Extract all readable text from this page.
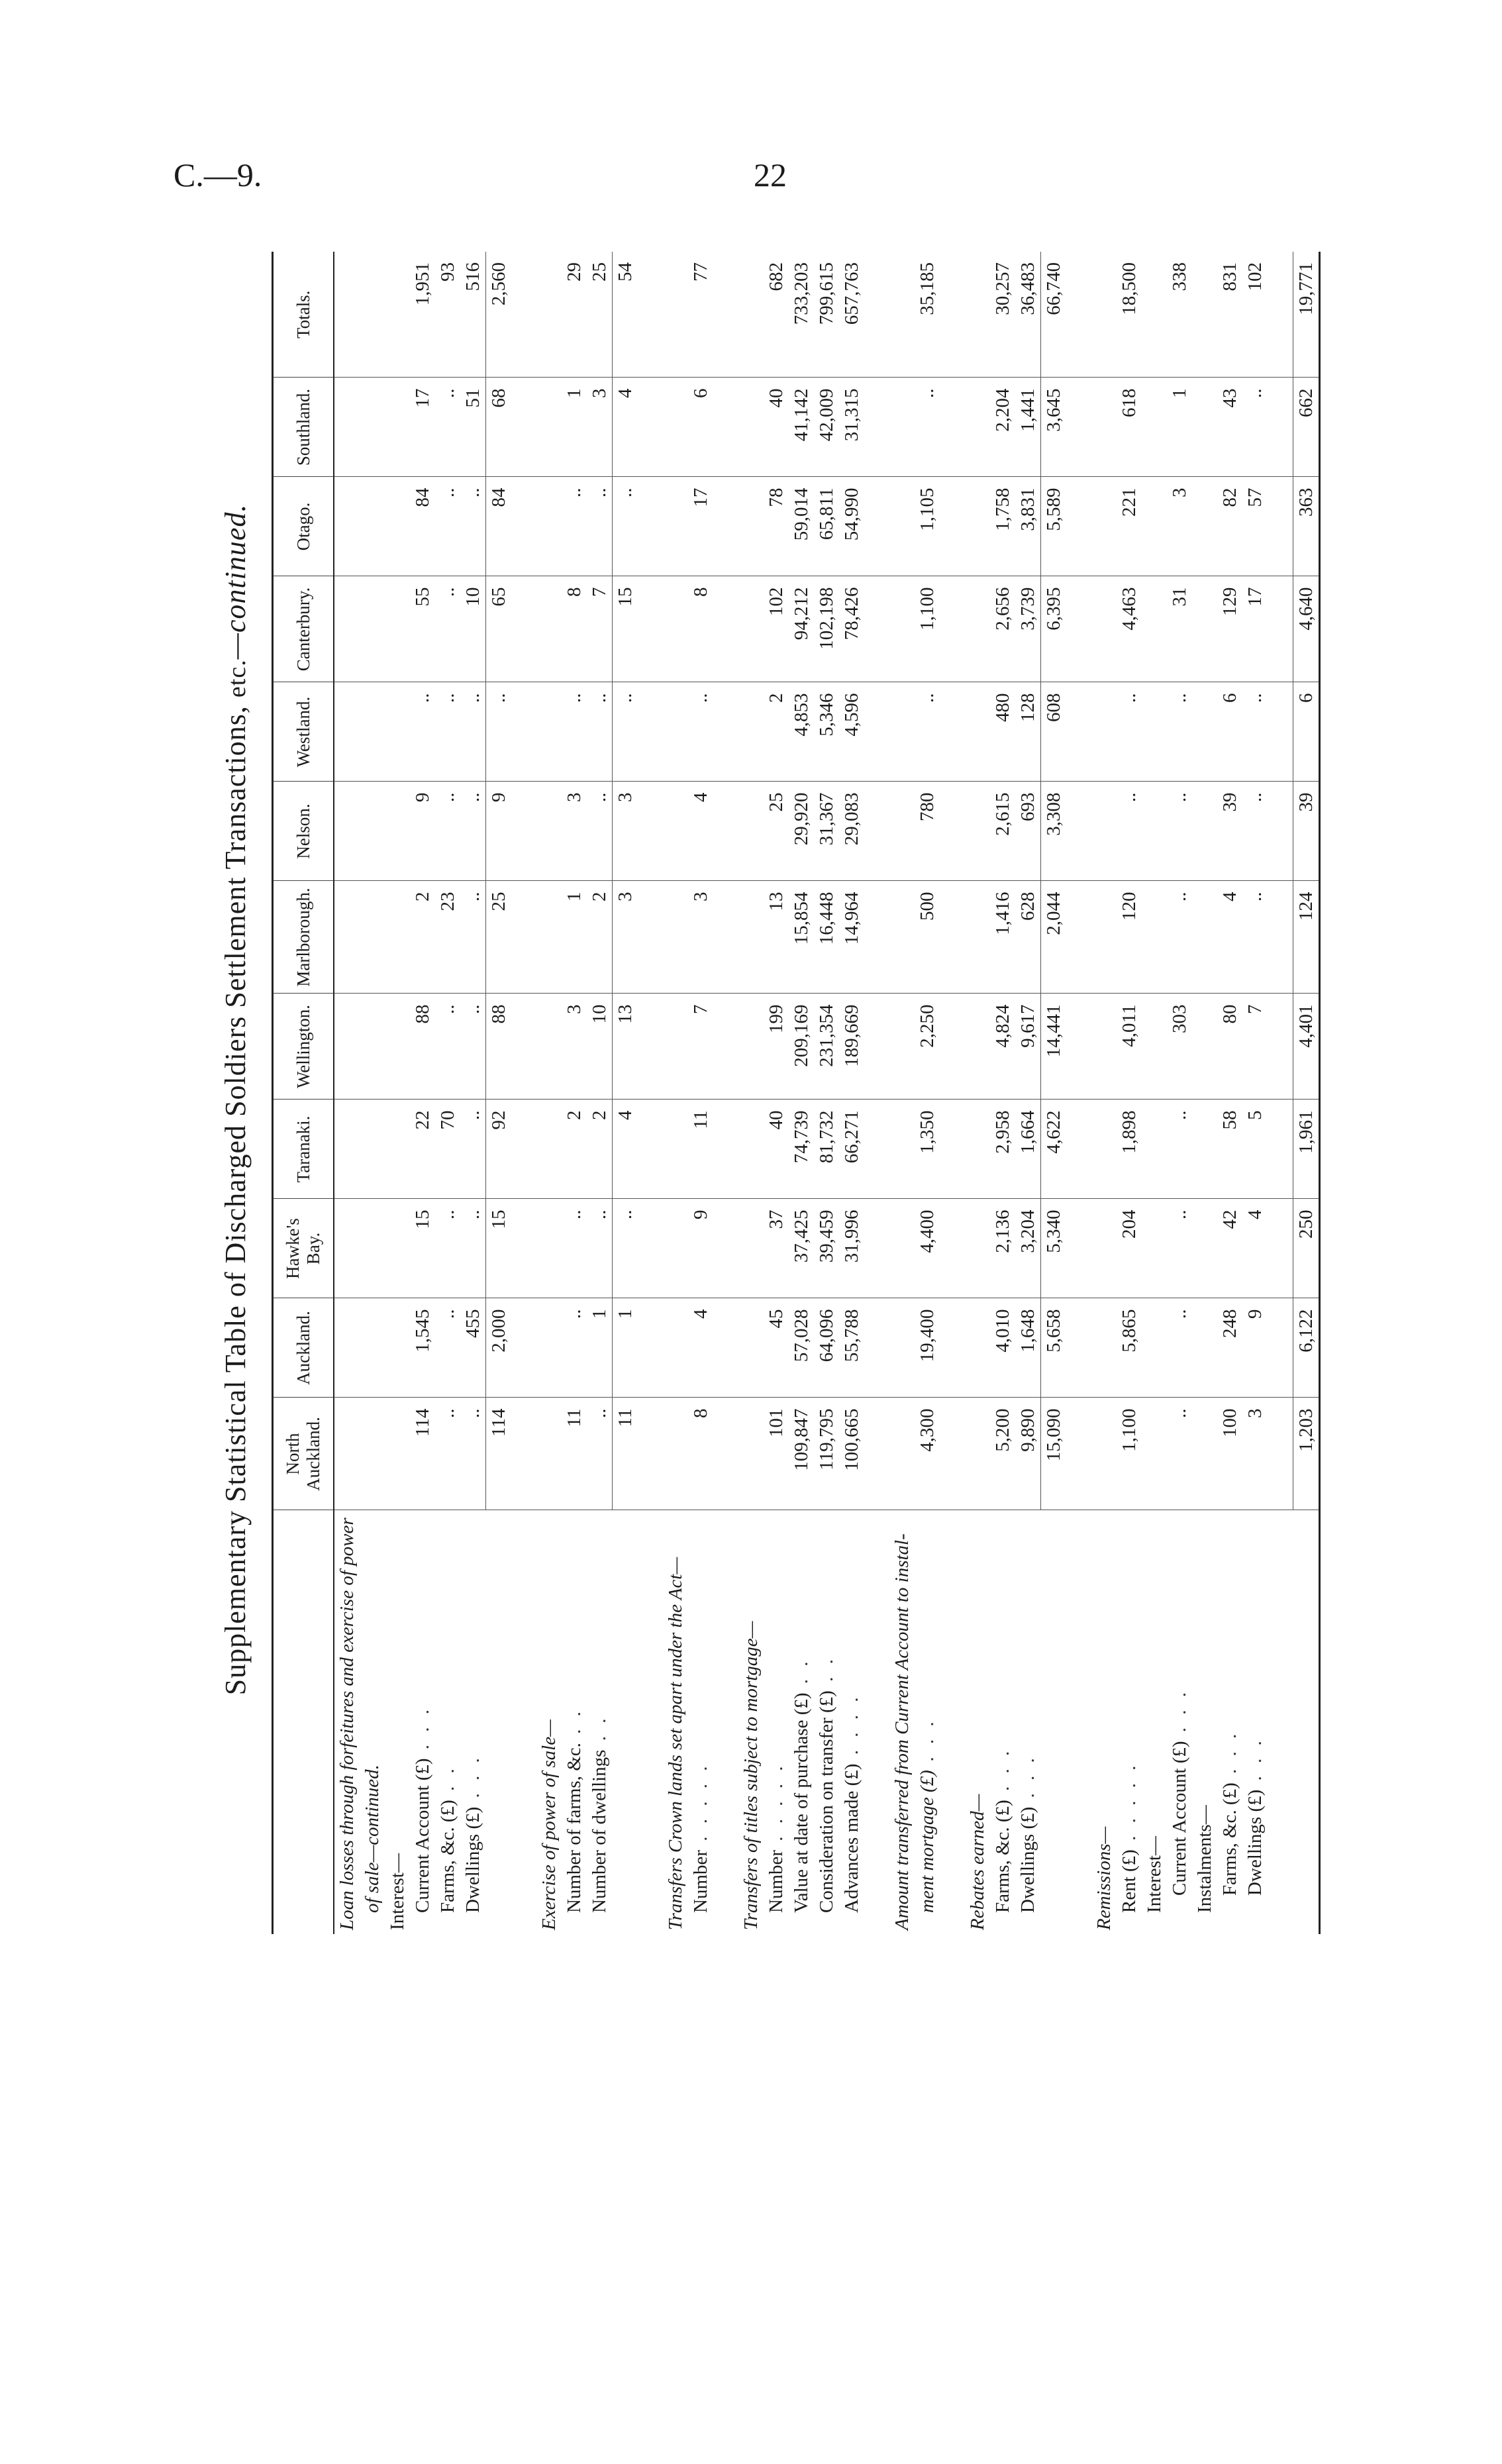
C.—9.	22
Supplementary Statistical Table of Discharged Soldiers Settlement Transactions, etc.—continued.
	North Auckland.	Auckland.	Hawke's Bay.	Taranaki.	Wellington.	Marlborough.	Nelson.	Westland.	Canterbury.	Otago.	Southland.	Totals.
Loan losses through forfeitures and exercise of power												
of sale—continued.												
Interest—												
Current Account (£) . . .	114	1,545	15	22	88	2	9	..	55	84	17	1,951
Farms, &c. (£) . .	..	..	..	70	..	23	..	..	..	..	..	93
Dwellings (£) . . .	..	455	..	..	..	..	..	..	10	..	51	516
	114	2,000	15	92	88	25	9	..	65	84	68	2,560

Exercise of power of sale—												
Number of farms, &c. . .	11	..	..	2	3	1	3	..	8	..	1	29
Number of dwellings . .	..	1	..	2	10	2	..	..	7	..	3	25
	11	1	..	4	13	3	3	..	15	..	4	54

Transfers Crown lands set apart under the Act—												
Number . . . . .	8	4	9	11	7	3	4	..	8	17	6	77

Transfers of titles subject to mortgage—												
Number . . . . .	101	45	37	40	199	13	25	2	102	78	40	682
Value at date of purchase (£) . .	109,847	57,028	37,425	74,739	209,169	15,854	29,920	4,853	94,212	59,014	41,142	733,203
Consideration on transfer (£) . .	119,795	64,096	39,459	81,732	231,354	16,448	31,367	5,346	102,198	65,811	42,009	799,615
Advances made (£) . . . .	100,665	55,788	31,996	66,271	189,669	14,964	29,083	4,596	78,426	54,990	31,315	657,763

Amount transferred from Current Account to instal-												
ment mortgage (£) . . .	4,300	19,400	4,400	1,350	2,250	500	780	..	1,100	1,105	..	35,185

Rebates earned—												
Farms, &c. (£) . . .	5,200	4,010	2,136	2,958	4,824	1,416	2,615	480	2,656	1,758	2,204	30,257
Dwellings (£) . . .	9,890	1,648	3,204	1,664	9,617	628	693	128	3,739	3,831	1,441	36,483
	15,090	5,658	5,340	4,622	14,441	2,044	3,308	608	6,395	5,589	3,645	66,740

Remissions—												
Rent (£) . . . . .	1,100	5,865	204	1,898	4,011	120	..	..	4,463	221	618	18,500
Interest—												
Current Account (£) . . .	..	..	..	..	303	..	..	..	31	3	1	338
Instalments—												
Farms, &c. (£) . . .	100	248	42	58	80	4	39	6	129	82	43	831
Dwellings (£) . . .	3	9	4	5	7	..	..	..	17	57	..	102

	1,203	6,122	250	1,961	4,401	124	39	6	4,640	363	662	19,771
